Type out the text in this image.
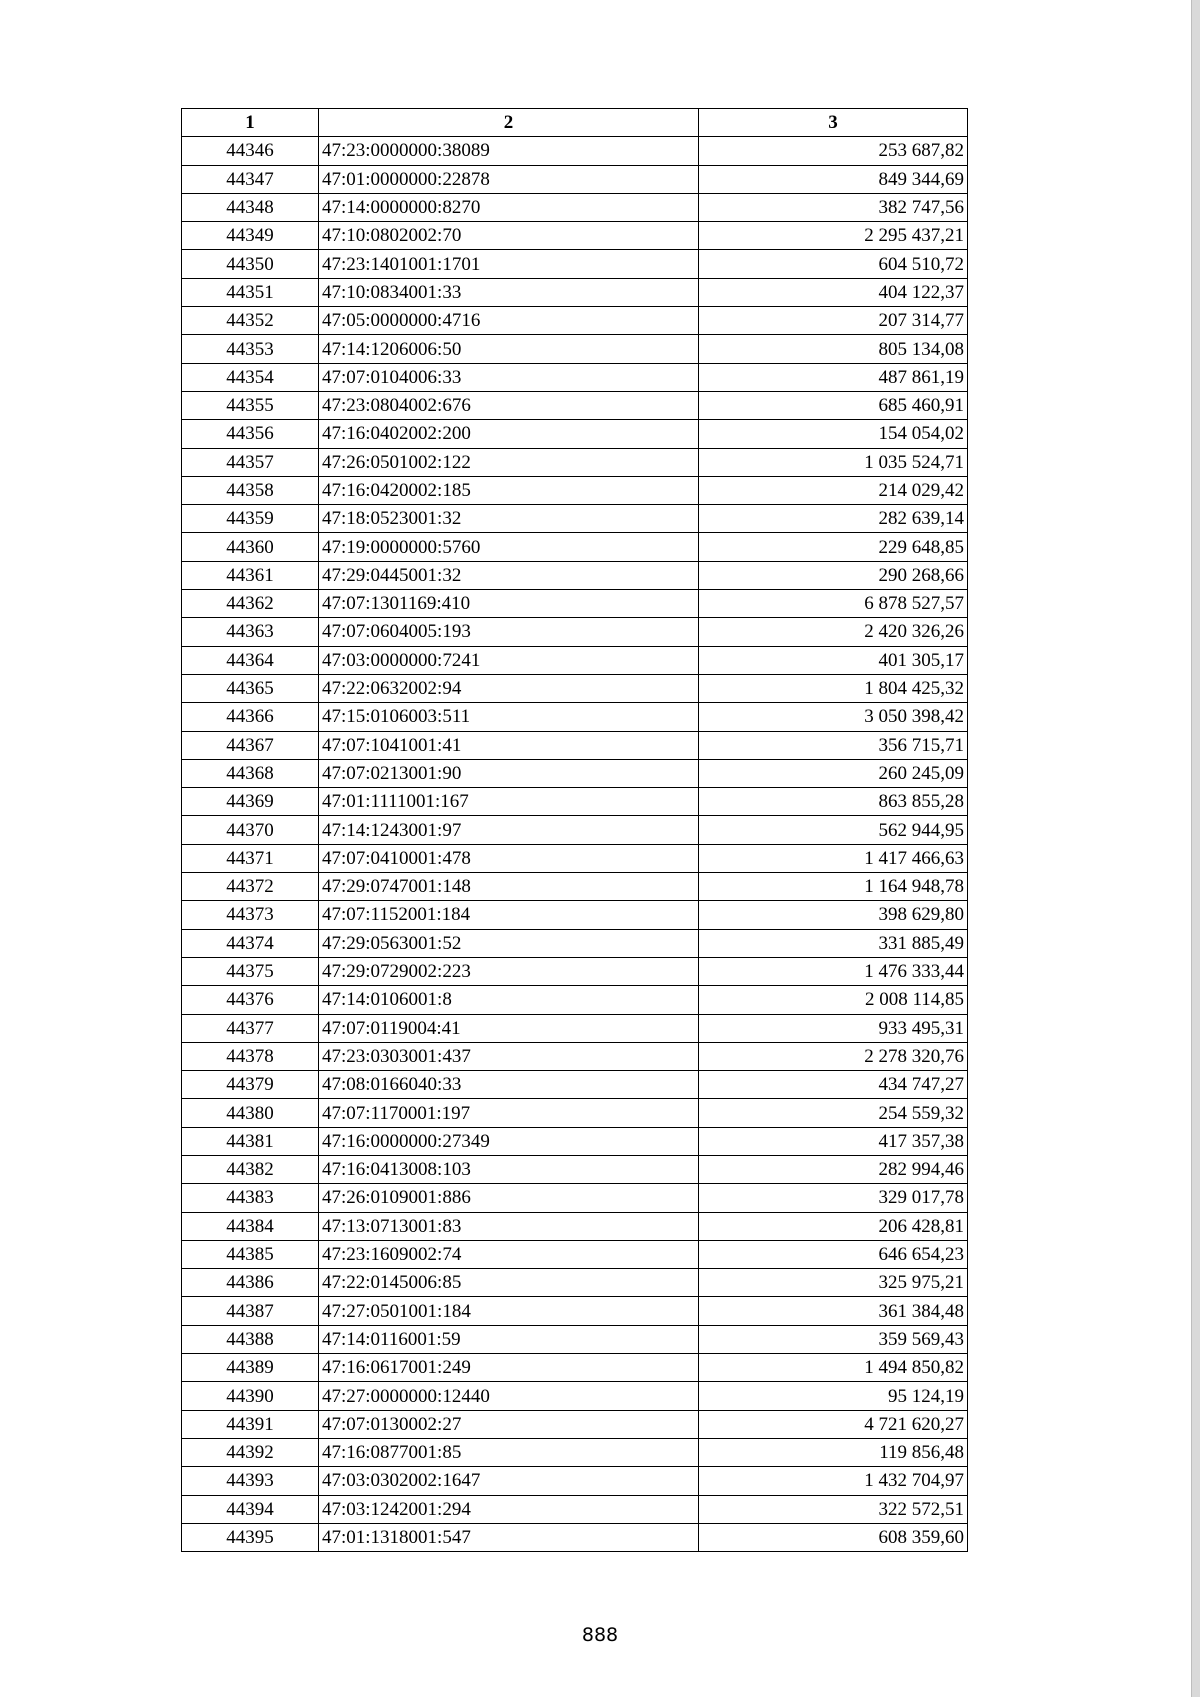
1	2	3
44346	47:23:0000000:38089	253 687,82
44347	47:01:0000000:22878	849 344,69
44348	47:14:0000000:8270	382 747,56
44349	47:10:0802002:70	2 295 437,21
44350	47:23:1401001:1701	604 510,72
44351	47:10:0834001:33	404 122,37
44352	47:05:0000000:4716	207 314,77
44353	47:14:1206006:50	805 134,08
44354	47:07:0104006:33	487 861,19
44355	47:23:0804002:676	685 460,91
44356	47:16:0402002:200	154 054,02
44357	47:26:0501002:122	1 035 524,71
44358	47:16:0420002:185	214 029,42
44359	47:18:0523001:32	282 639,14
44360	47:19:0000000:5760	229 648,85
44361	47:29:0445001:32	290 268,66
44362	47:07:1301169:410	6 878 527,57
44363	47:07:0604005:193	2 420 326,26
44364	47:03:0000000:7241	401 305,17
44365	47:22:0632002:94	1 804 425,32
44366	47:15:0106003:511	3 050 398,42
44367	47:07:1041001:41	356 715,71
44368	47:07:0213001:90	260 245,09
44369	47:01:1111001:167	863 855,28
44370	47:14:1243001:97	562 944,95
44371	47:07:0410001:478	1 417 466,63
44372	47:29:0747001:148	1 164 948,78
44373	47:07:1152001:184	398 629,80
44374	47:29:0563001:52	331 885,49
44375	47:29:0729002:223	1 476 333,44
44376	47:14:0106001:8	2 008 114,85
44377	47:07:0119004:41	933 495,31
44378	47:23:0303001:437	2 278 320,76
44379	47:08:0166040:33	434 747,27
44380	47:07:1170001:197	254 559,32
44381	47:16:0000000:27349	417 357,38
44382	47:16:0413008:103	282 994,46
44383	47:26:0109001:886	329 017,78
44384	47:13:0713001:83	206 428,81
44385	47:23:1609002:74	646 654,23
44386	47:22:0145006:85	325 975,21
44387	47:27:0501001:184	361 384,48
44388	47:14:0116001:59	359 569,43
44389	47:16:0617001:249	1 494 850,82
44390	47:27:0000000:12440	95 124,19
44391	47:07:0130002:27	4 721 620,27
44392	47:16:0877001:85	119 856,48
44393	47:03:0302002:1647	1 432 704,97
44394	47:03:1242001:294	322 572,51
44395	47:01:1318001:547	608 359,60
888
